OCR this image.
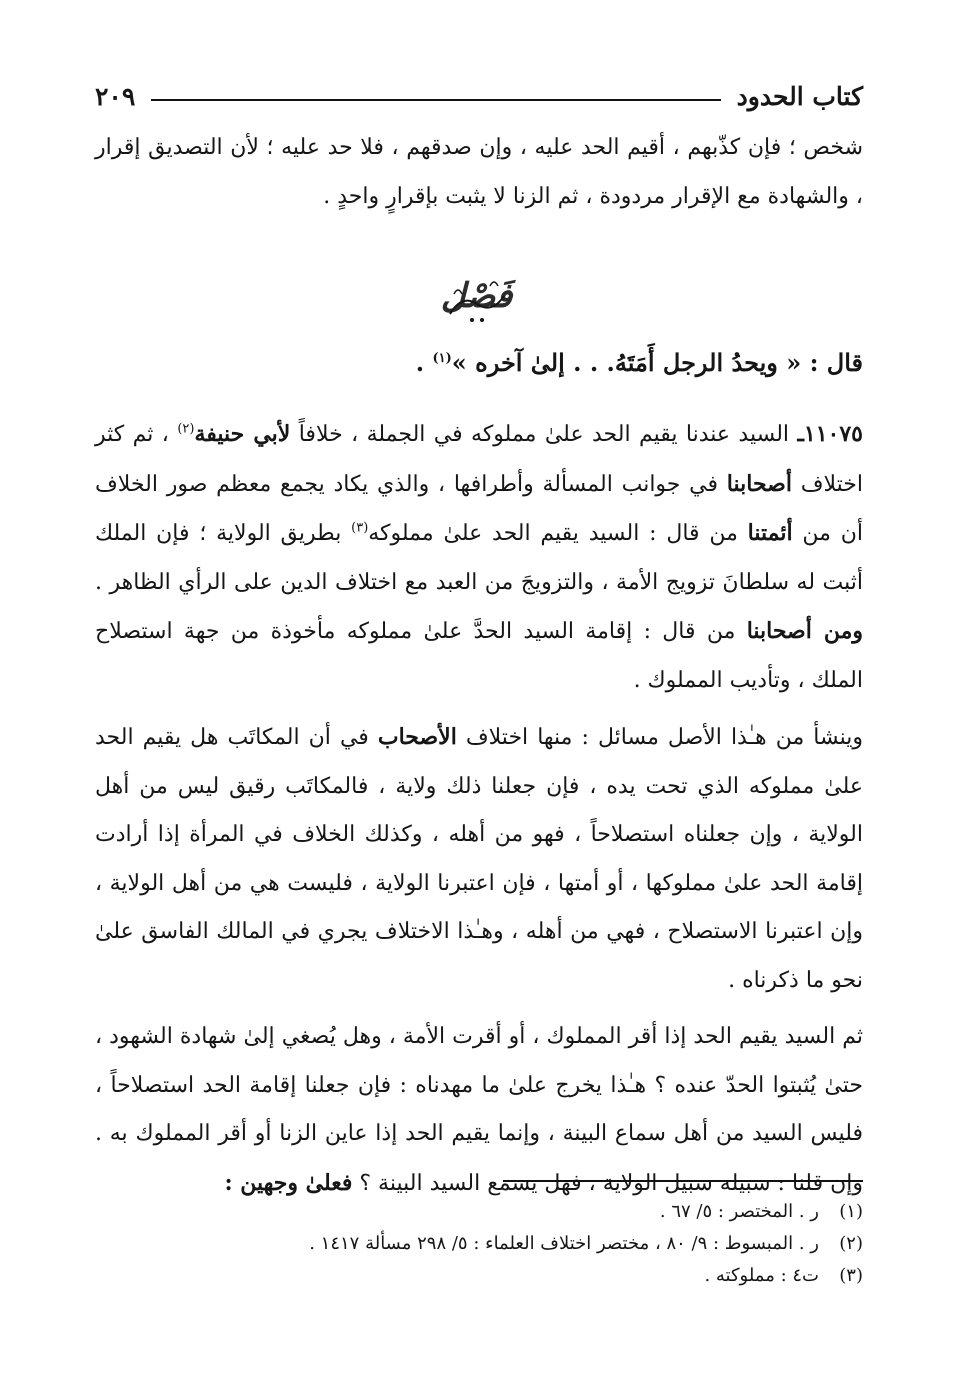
كتاب الحدود
٢٠٩

شخص ؛ فإن كذّبهم ، أقيم الحد عليه ، وإن صدقهم ، فلا حد عليه ؛ لأن التصديق إقرار ، والشهادة مع الإقرار مردودة ، ثم الزنا لا يثبت بإقرارٍ واحدٍ .

فَصْل
قال : « ويحدُ الرجل أَمَتَهُ. . . إلىٰ آخره »$^{(١)}$ .

١١٠٧٥ـ السيد عندنا يقيم الحد علىٰ مملوكه في الجملة ، خلافاً لأبي حنيفة$^{(٢)}$ ، ثم كثر اختلاف أصحابنا في جوانب المسألة وأطرافها ، والذي يكاد يجمع معظم صور الخلاف أن من أئمتنا من قال : السيد يقيم الحد علىٰ مملوكه$^{(٣)}$ بطريق الولاية ؛ فإن الملك أثبت له سلطانَ تزويج الأمة ، والتزويجَ من العبد مع اختلاف الدين على الرأي الظاهر . ومن أصحابنا من قال : إقامة السيد الحدَّ علىٰ مملوكه مأخوذة من جهة استصلاح الملك ، وتأديب المملوك .

وينشأ من هـٰذا الأصل مسائل : منها اختلاف الأصحاب في أن المكاتَب هل يقيم الحد علىٰ مملوكه الذي تحت يده ، فإن جعلنا ذلك ولاية ، فالمكاتَب رقيق ليس من أهل الولاية ، وإن جعلناه استصلاحاً ، فهو من أهله ، وكذلك الخلاف في المرأة إذا أرادت إقامة الحد علىٰ مملوكها ، أو أمتها ، فإن اعتبرنا الولاية ، فليست هي من أهل الولاية ، وإن اعتبرنا الاستصلاح ، فهي من أهله ، وهـٰذا الاختلاف يجري في المالك الفاسق علىٰ نحو ما ذكرناه .

ثم السيد يقيم الحد إذا أقر المملوك ، أو أقرت الأمة ، وهل يُصغي إلىٰ شهادة الشهود ، حتىٰ يُثبتوا الحدّ عنده ؟ هـٰذا يخرج علىٰ ما مهدناه : فإن جعلنا إقامة الحد استصلاحاً ، فليس السيد من أهل سماع البينة ، وإنما يقيم الحد إذا عاين الزنا أو أقر المملوك به . وإن قلنا : سبيله سبيل الولاية ، فهل يسمع السيد البينة ؟ فعلىٰ وجهين :

(١)
ر . المختصر : ٥/ ٦٧ .
(٢)
ر . المبسوط : ٩/ ٨٠ ، مختصر اختلاف العلماء : ٥/ ٢٩٨ مسألة ١٤١٧ .
(٣)
ت٤ : مملوكته .
